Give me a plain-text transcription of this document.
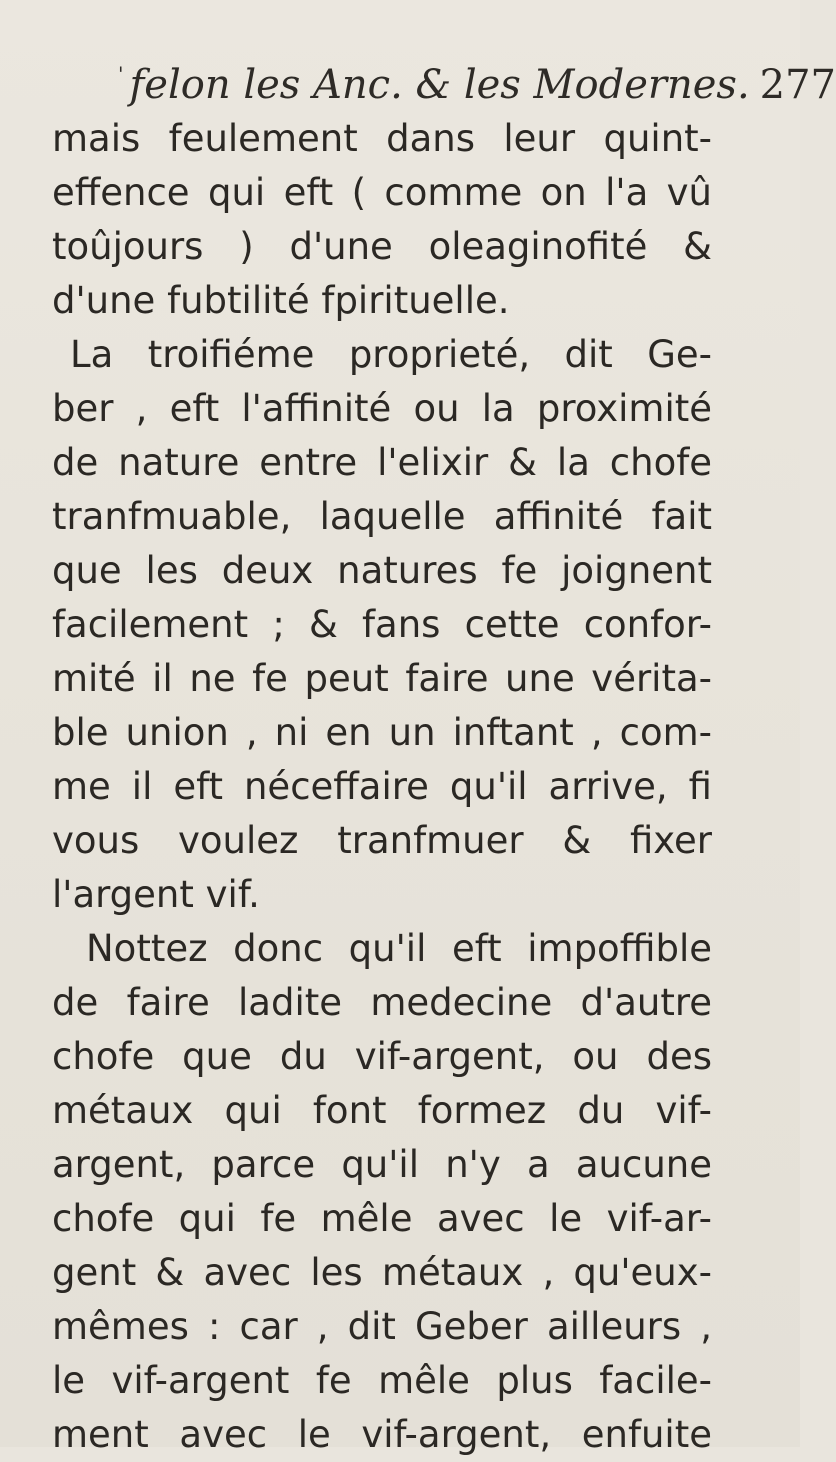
' felon les Anc. & les Modernes. 277
mais feulement dans leur quint-
effence qui eft ( comme on l'a vû
toûjours ) d'une oleaginofité &
d'une fubtilité fpirituelle.
La troifiéme proprieté, dit Ge-
ber , eft l'affinité ou la proximité
de nature entre l'elixir & la chofe
tranfmuable, laquelle affinité fait
que les deux natures fe joignent
facilement ; & fans cette confor-
mité il ne fe peut faire une vérita-
ble union , ni en un inftant , com-
me il eft néceffaire qu'il arrive, fi
vous voulez tranfmuer & fixer
l'argent vif.
Nottez donc qu'il eft impoffible
de faire ladite medecine d'autre
chofe que du vif-argent, ou des
métaux qui font formez du vif-
argent, parce qu'il n'y a aucune
chofe qui fe mêle avec le vif-ar-
gent & avec les métaux , qu'eux-
mêmes : car , dit Geber ailleurs ,
le vif-argent fe mêle plus facile-
ment avec le vif-argent, enfuite
